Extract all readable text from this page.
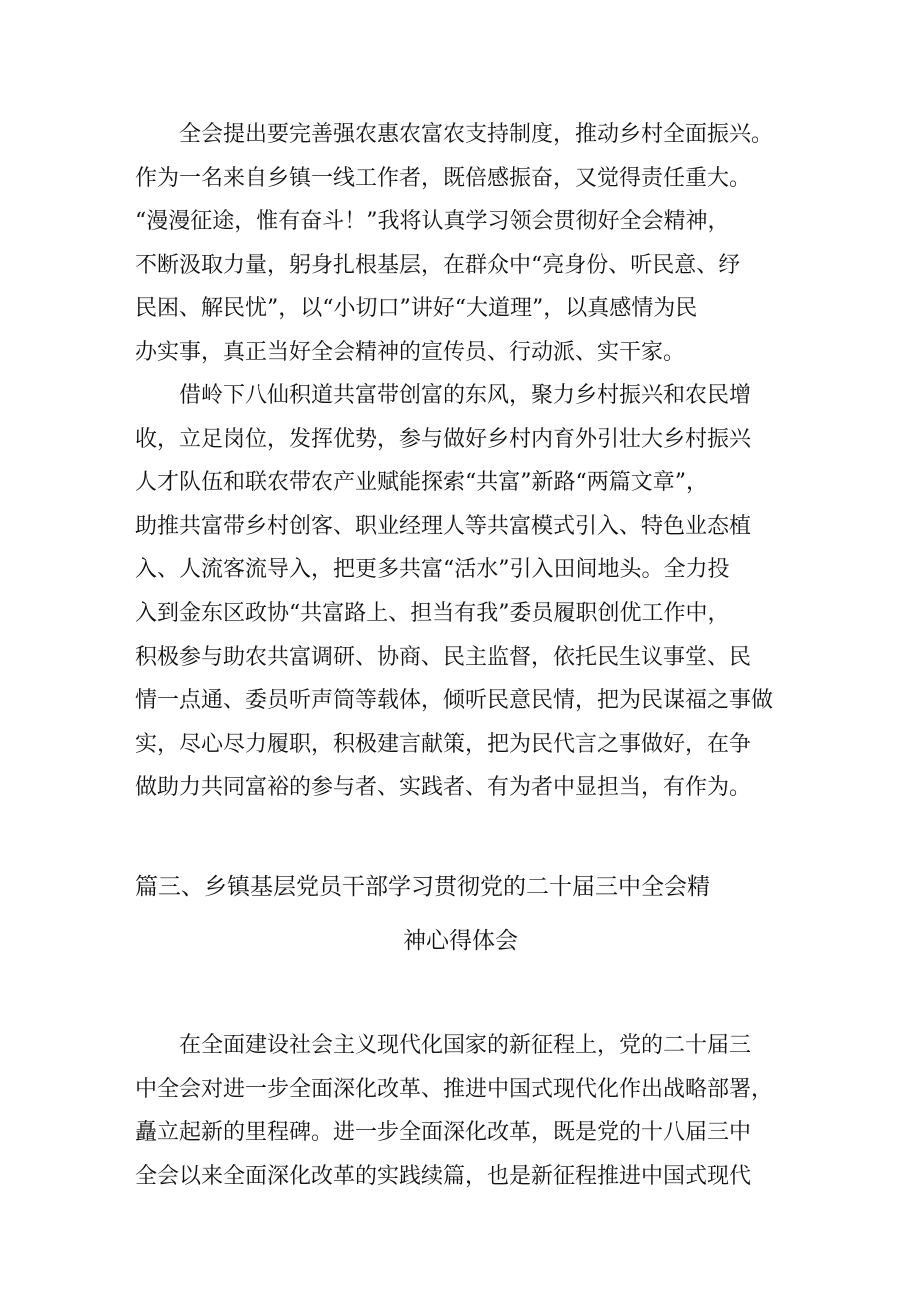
全会提出要完善强农惠农富农支持制度，推动乡村全面振兴。
作为一名来自乡镇一线工作者，既倍感振奋，又觉得责任重大。
“漫漫征途，惟有奋斗！”我将认真学习领会贯彻好全会精神，
不断汲取力量，躬身扎根基层，在群众中“亮身份、听民意、纾
民困、解民忧”，以“小切口”讲好“大道理”，以真感情为民
办实事，真正当好全会精神的宣传员、行动派、实干家。
借岭下八仙积道共富带创富的东风，聚力乡村振兴和农民增
收，立足岗位，发挥优势，参与做好乡村内育外引壮大乡村振兴
人才队伍和联农带农产业赋能探索“共富”新路“两篇文章”，
助推共富带乡村创客、职业经理人等共富模式引入、特色业态植
入、人流客流导入，把更多共富“活水”引入田间地头。全力投
入到金东区政协“共富路上、担当有我”委员履职创优工作中，
积极参与助农共富调研、协商、民主监督，依托民生议事堂、民
情一点通、委员听声筒等载体，倾听民意民情，把为民谋福之事做
实，尽心尽力履职，积极建言献策，把为民代言之事做好，在争
做助力共同富裕的参与者、实践者、有为者中显担当，有作为。
篇三、乡镇基层党员干部学习贯彻党的二十届三中全会精
神心得体会
在全面建设社会主义现代化国家的新征程上，党的二十届三
中全会对进一步全面深化改革、推进中国式现代化作出战略部署，
矗立起新的里程碑。进一步全面深化改革，既是党的十八届三中
全会以来全面深化改革的实践续篇，也是新征程推进中国式现代
